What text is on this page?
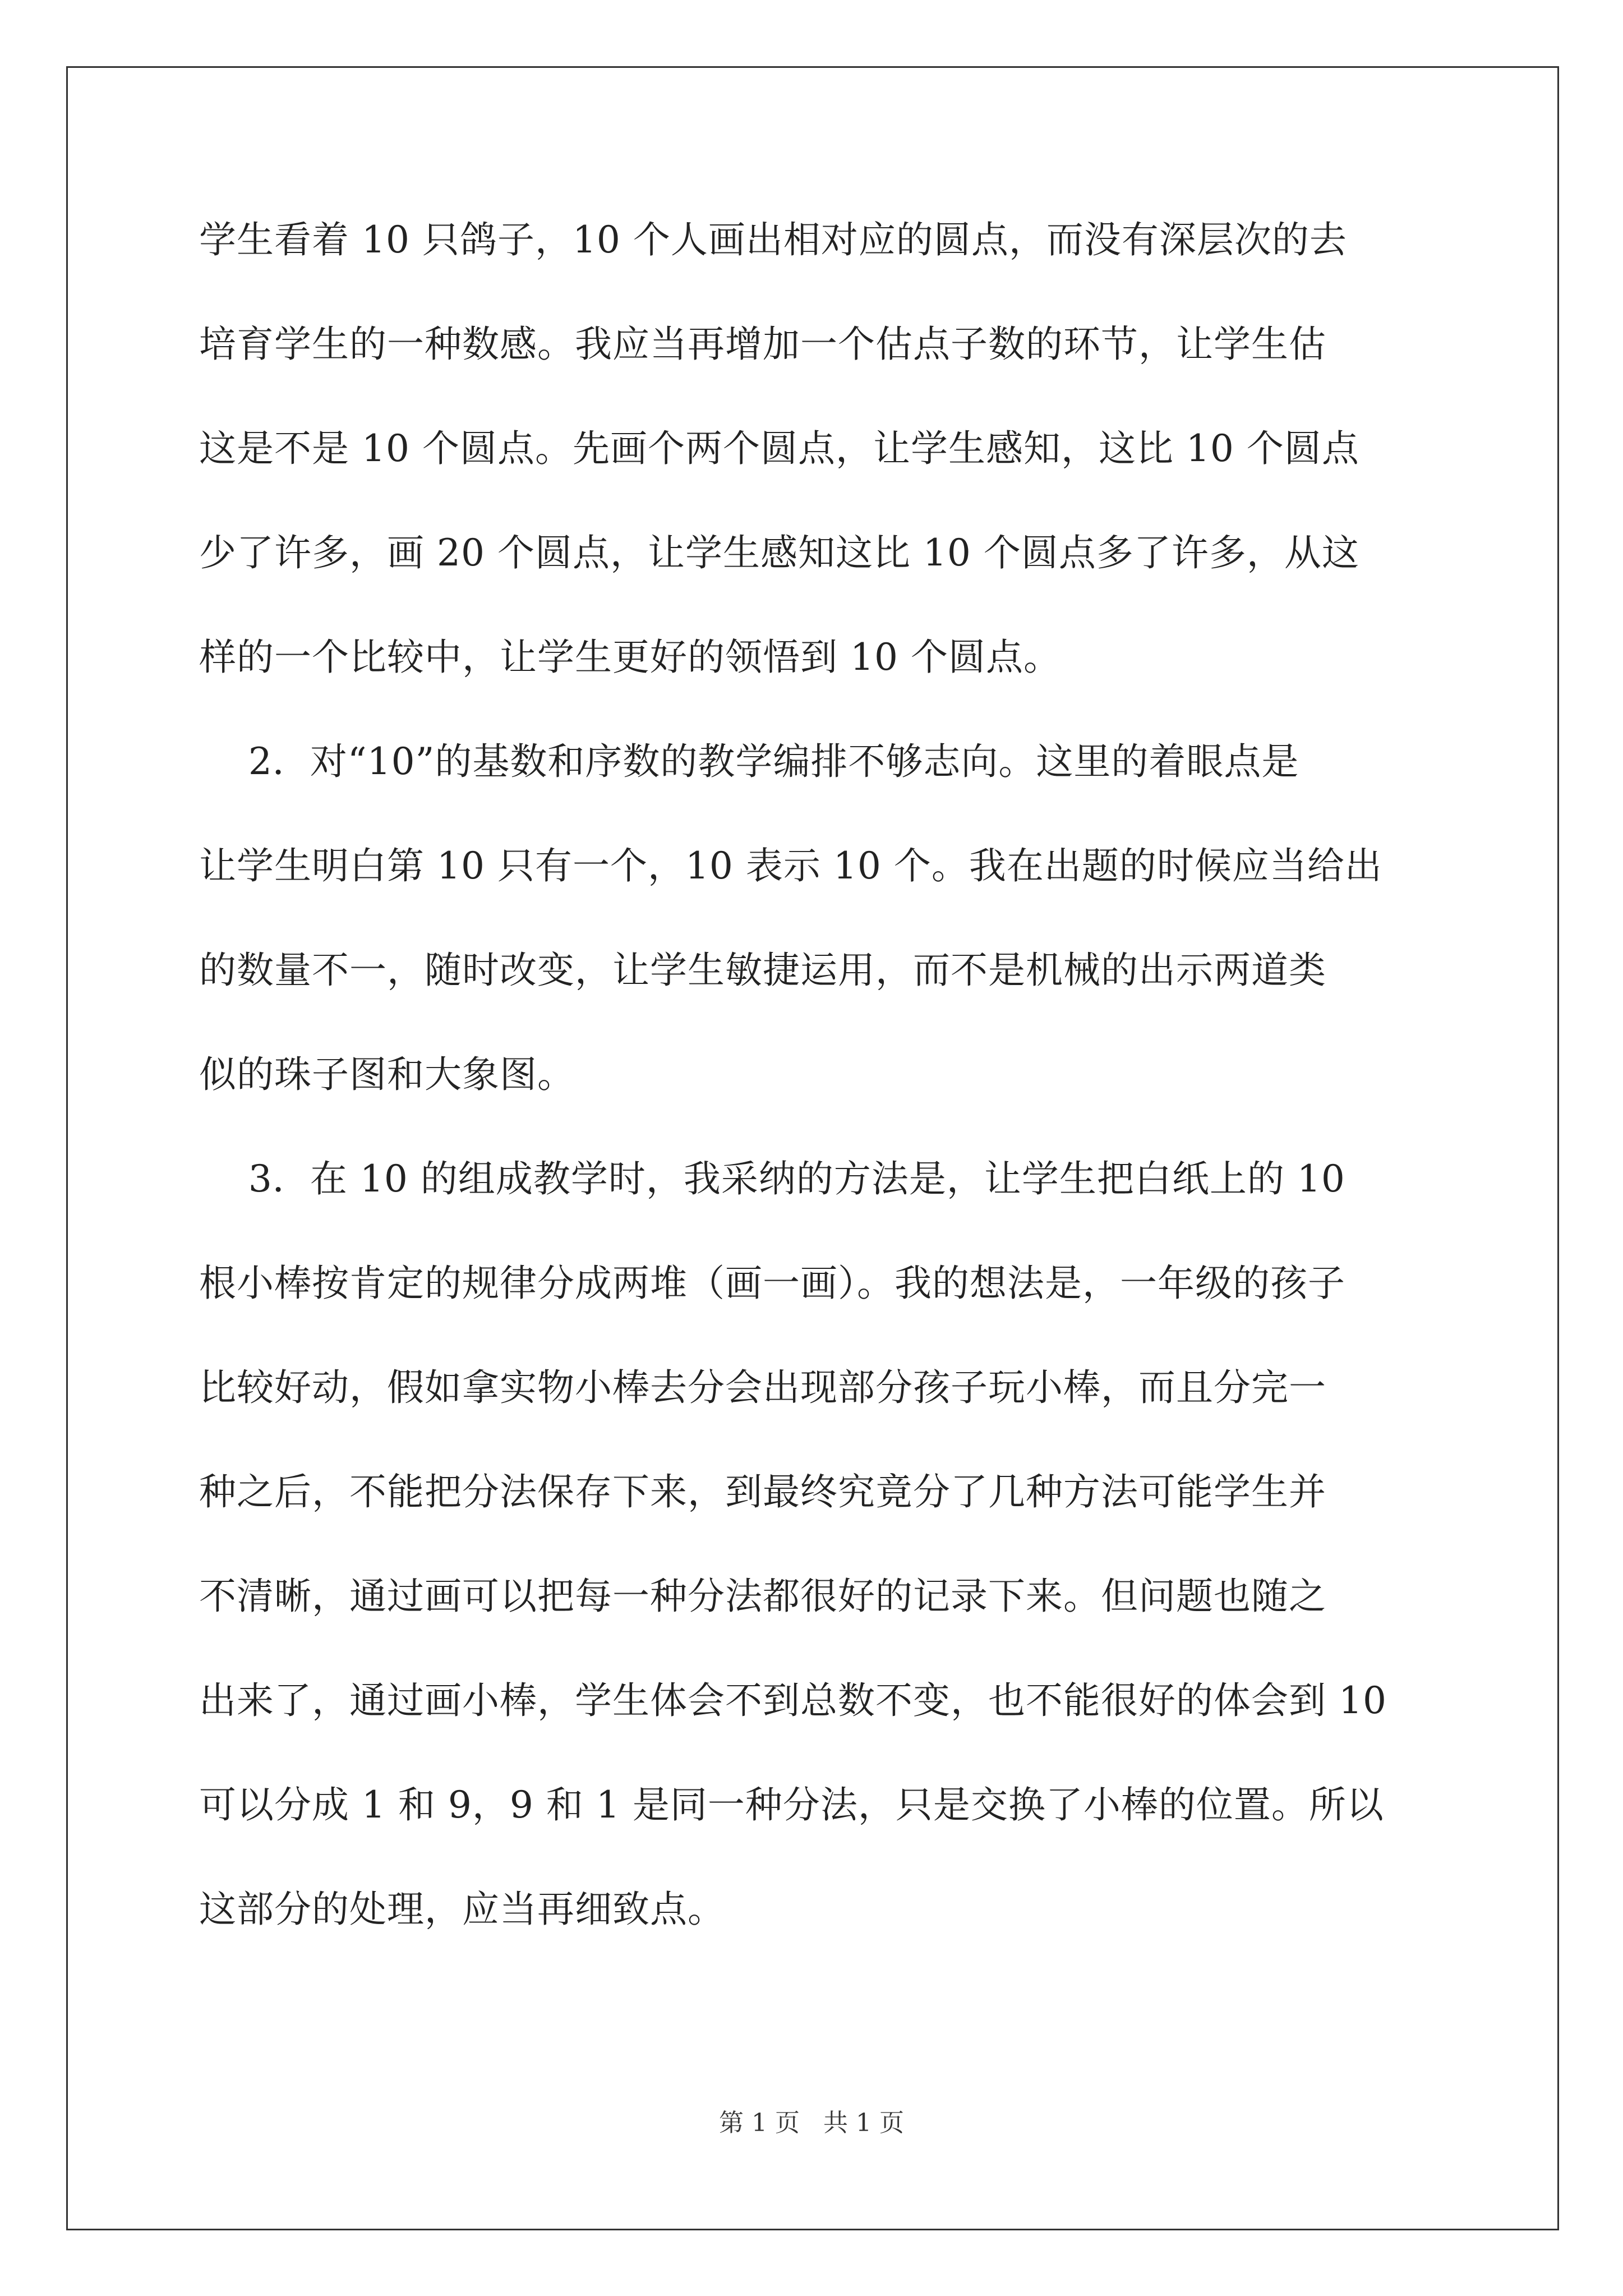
学生看着 10 只鸽子，10 个人画出相对应的圆点，而没有深层次的去
培育学生的一种数感。我应当再增加一个估点子数的环节，让学生估
这是不是 10 个圆点。先画个两个圆点，让学生感知，这比 10 个圆点
少了许多，画 20 个圆点，让学生感知这比 10 个圆点多了许多，从这
样的一个比较中，让学生更好的领悟到 10 个圆点。
2．对“10”的基数和序数的教学编排不够志向。这里的着眼点是
让学生明白第 10 只有一个，10 表示 10 个。我在出题的时候应当给出
的数量不一，随时改变，让学生敏捷运用，而不是机械的出示两道类
似的珠子图和大象图。
3．在 10 的组成教学时，我采纳的方法是，让学生把白纸上的 10
根小棒按肯定的规律分成两堆（画一画）。我的想法是，一年级的孩子
比较好动，假如拿实物小棒去分会出现部分孩子玩小棒，而且分完一
种之后，不能把分法保存下来，到最终究竟分了几种方法可能学生并
不清晰，通过画可以把每一种分法都很好的记录下来。但问题也随之
出来了，通过画小棒，学生体会不到总数不变，也不能很好的体会到 10
可以分成 1 和 9，9 和 1 是同一种分法，只是交换了小棒的位置。所以
这部分的处理，应当再细致点。
第 1 页   共 1 页
